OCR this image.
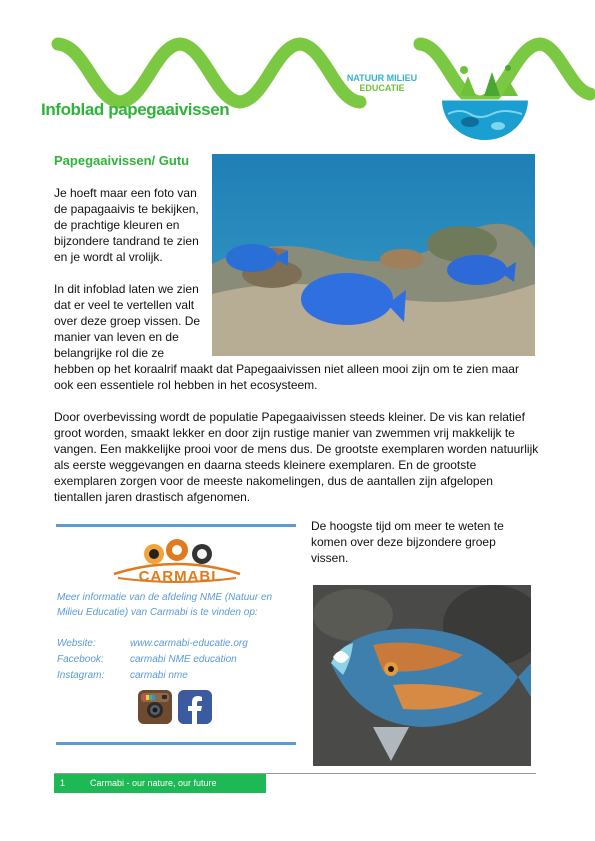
Infoblad papegaaivissen
NATUUR MILIEU
EDUCATIE
Papegaaivissen/ Gutu
Je hoeft maar een foto van de papagaaivis te bekijken, de prachtige kleuren en bijzondere tandrand te zien en je wordt al vrolijk.
In dit infoblad laten we zien dat er veel te vertellen valt over deze groep vissen. De manier van leven en de belangrijke rol die ze
hebben op het koraalrif maakt dat Papegaaivissen niet alleen mooi zijn om te zien maar ook een essentiele rol hebben in het ecosysteem.
Door overbevissing wordt de populatie Papegaaivissen steeds kleiner. De vis kan relatief groot worden, smaakt lekker en door zijn rustige manier van zwemmen vrij makkelijk te vangen. Een makkelijke prooi voor de mens dus. De grootste exemplaren worden natuurlijk als eerste weggevangen en daarna steeds kleinere exemplaren. En de grootste exemplaren zorgen voor de meeste nakomelingen, dus de aantallen zijn afgelopen tientallen jaren drastisch afgenomen.
De hoogste tijd om meer te weten te komen over deze bijzondere groep vissen.
CARMABI
Meer informatie van de afdeling NME (Natuur en Milieu Educatie) van Carmabi is te vinden op:
Website:	www.carmabi-educatie.org
Facebook:	carmabi NME education
Instagram:	carmabi nme
1	Carmabi - our nature, our future
